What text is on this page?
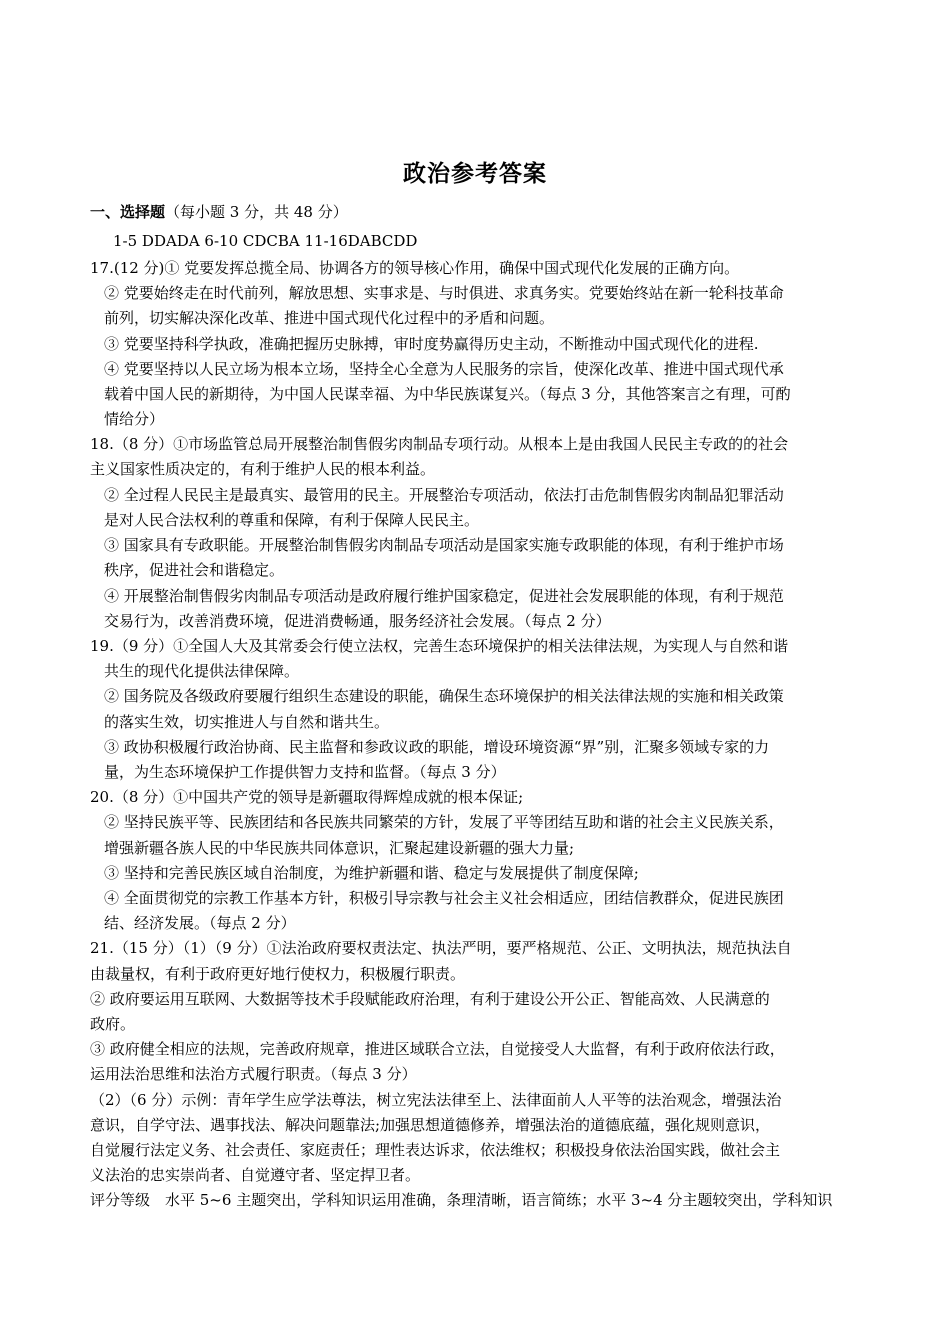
政治参考答案
一、选择题（每小题 3 分，共 48 分）
1-5 DDADA 6-10 CDCBA 11-16DABCDD
17.(12 分)① 党要发挥总揽全局、协调各方的领导核心作用，确保中国式现代化发展的正确方向。
② 党要始终走在时代前列，解放思想、实事求是、与时俱进、求真务实。党要始终站在新一轮科技革命
前列，切实解决深化改革、推进中国式现代化过程中的矛盾和问题。
③ 党要坚持科学执政，准确把握历史脉搏，审时度势赢得历史主动，不断推动中国式现代化的进程.
④ 党要坚持以人民立场为根本立场，坚持全心全意为人民服务的宗旨，使深化改革、推进中国式现代承
载着中国人民的新期待，为中国人民谋幸福、为中华民族谋复兴。（每点 3 分，其他答案言之有理，可酌
情给分）
18.（8 分）①市场监管总局开展整治制售假劣肉制品专项行动。从根本上是由我国人民民主专政的的社会
主义国家性质决定的，有利于维护人民的根本利益。
② 全过程人民民主是最真实、最管用的民主。开展整治专项活动，依法打击危制售假劣肉制品犯罪活动
是对人民合法权利的尊重和保障，有利于保障人民民主。
③ 国家具有专政职能。开展整治制售假劣肉制品专项活动是国家实施专政职能的体现，有利于维护市场
秩序，促进社会和谐稳定。
④ 开展整治制售假劣肉制品专项活动是政府履行维护国家稳定，促进社会发展职能的体现，有利于规范
交易行为，改善消费环境，促进消费畅通，服务经济社会发展。（每点 2 分）
19.（9 分）①全国人大及其常委会行使立法权，完善生态环境保护的相关法律法规，为实现人与自然和谐
共生的现代化提供法律保障。
② 国务院及各级政府要履行组织生态建设的职能，确保生态环境保护的相关法律法规的实施和相关政策
的落实生效，切实推进人与自然和谐共生。
③ 政协积极履行政治协商、民主监督和参政议政的职能，增设环境资源“界”别，汇聚多领域专家的力
量，为生态环境保护工作提供智力支持和监督。（每点 3 分）
20.（8 分）①中国共产党的领导是新疆取得辉煌成就的根本保证;
② 坚持民族平等、民族团结和各民族共同繁荣的方针，发展了平等团结互助和谐的社会主义民族关系，
增强新疆各族人民的中华民族共同体意识，汇聚起建设新疆的强大力量;
③ 坚持和完善民族区域自治制度，为维护新疆和谐、稳定与发展提供了制度保障;
④ 全面贯彻党的宗教工作基本方针，积极引导宗教与社会主义社会相适应，团结信教群众，促进民族团
结、经济发展。（每点 2 分）
21.（15 分）（1）（9 分）①法治政府要权责法定、执法严明，要严格规范、公正、文明执法，规范执法自
由裁量权，有利于政府更好地行使权力，积极履行职责。
② 政府要运用互联网、大数据等技术手段赋能政府治理，有利于建设公开公正、智能高效、人民满意的
政府。
③ 政府健全相应的法规，完善政府规章，推进区域联合立法，自觉接受人大监督，有利于政府依法行政，
运用法治思维和法治方式履行职责。（每点 3 分）
（2）（6 分）示例：青年学生应学法尊法，树立宪法法律至上、法律面前人人平等的法治观念，增强法治
意识，自学守法、遇事找法、解决问题靠法;加强思想道德修养，增强法治的道德底蕴，强化规则意识，
自觉履行法定义务、社会责任、家庭责任；理性表达诉求，依法维权；积极投身依法治国实践，做社会主
义法治的忠实崇尚者、自觉遵守者、坚定捍卫者。
评分等级　水平 5~6 主题突出，学科知识运用准确，条理清晰，语言简练；水平 3~4 分主题较突出，学科知识
